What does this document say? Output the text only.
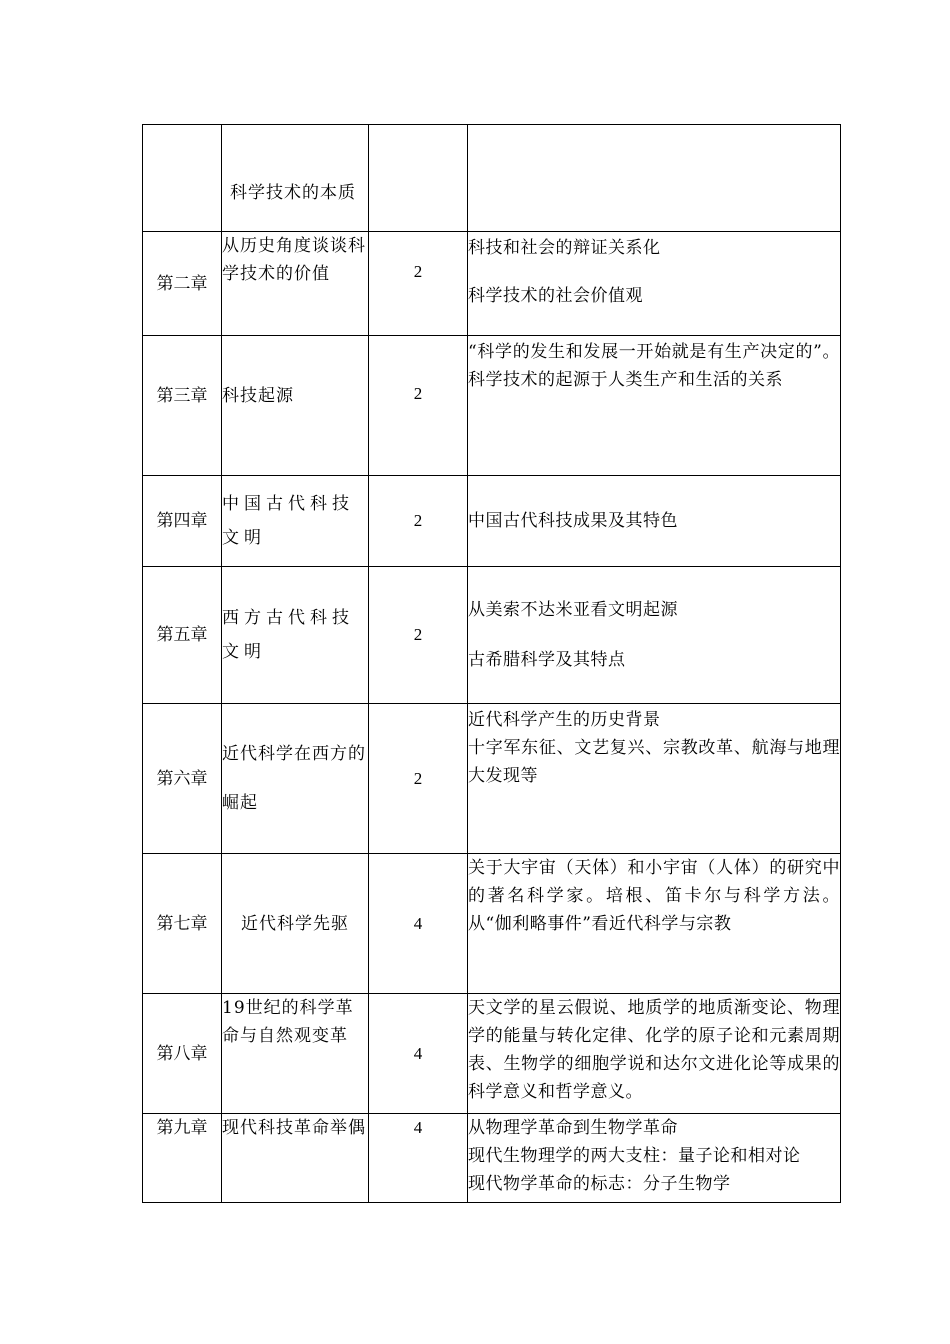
	科学技术的本质		
第二章	从历史角度谈谈科学技术的价值	2	科技和社会的辩证关系化
科学技术的社会价值观

第三章	科技起源	2	“科学的发生和发展一开始就是有生产决定的”。科学技术的起源于人类生产和生活的关系

第四章	中国古代科技文明	2	中国古代科技成果及其特色

第五章	西方古代科技文明	2	从美索不达米亚看文明起源
古希腊科学及其特点

第六章	近代科学在西方的崛起	2	近代科学产生的历史背景
十字军东征、文艺复兴、宗教改革、航海与地理大发现等

第七章	近代科学先驱	4	关于大宇宙（天体）和小宇宙（人体）的研究中的著名科学家。培根、笛卡尔与科学方法。从“伽利略事件”看近代科学与宗教

第八章	19世纪的科学革命与自然观变革	4	天文学的星云假说、地质学的地质渐变论、物理学的能量与转化定律、化学的原子论和元素周期表、生物学的细胞学说和达尔文进化论等成果的科学意义和哲学意义。

第九章	现代科技革命举偶	4	从物理学革命到生物学革命
现代生物理学的两大支柱：量子论和相对论
现代物学革命的标志：分子生物学
